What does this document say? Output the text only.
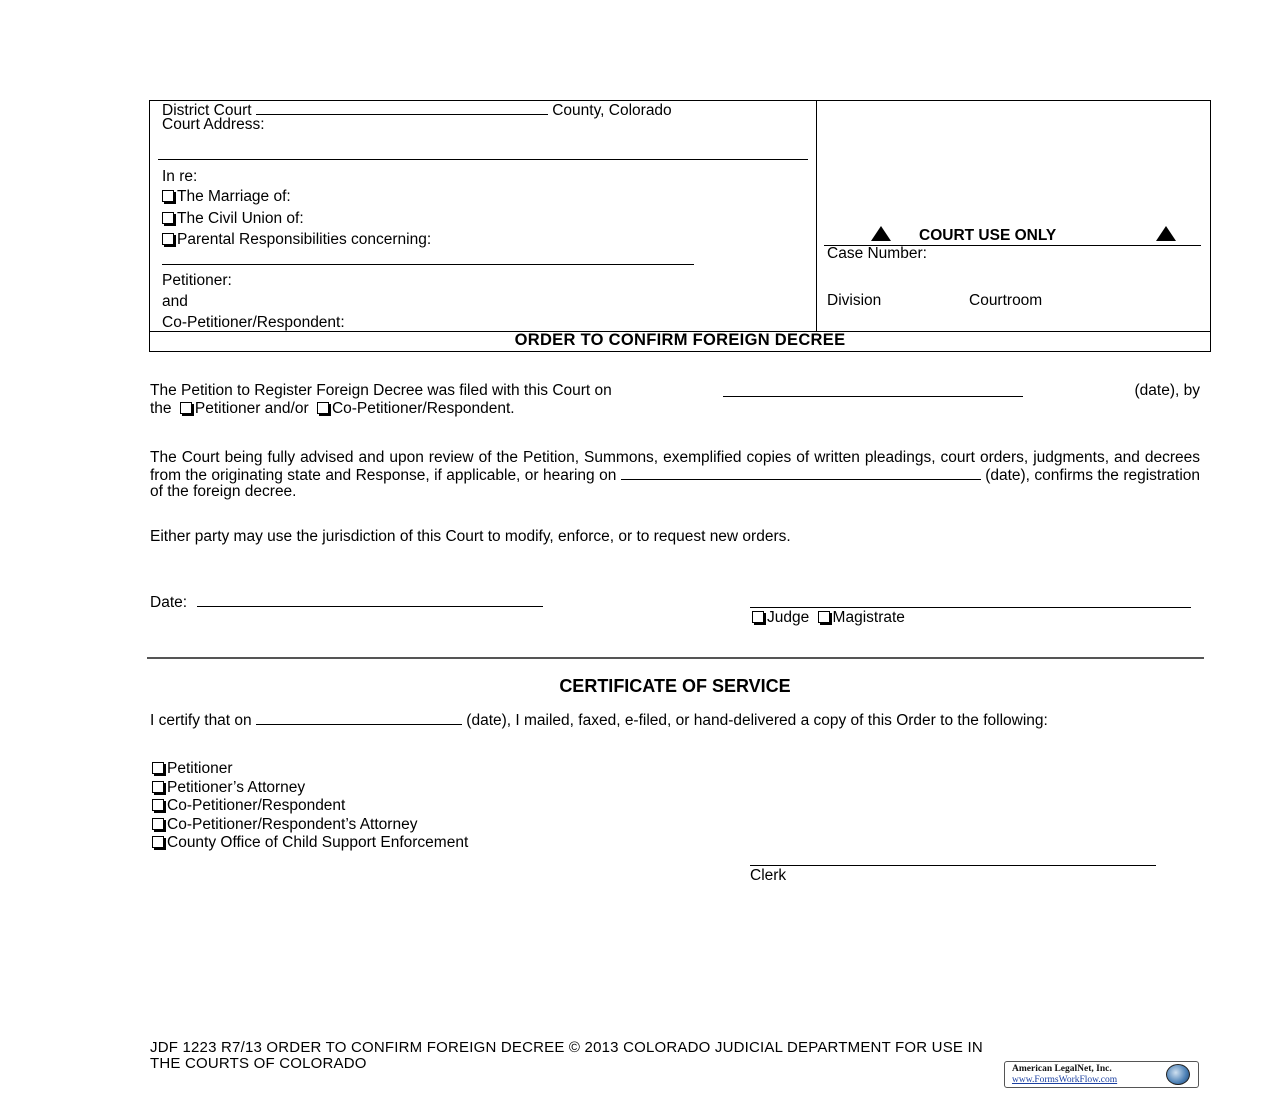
District Court	County, Colorado
Court Address:
In re:
The Marriage of:
The Civil Union of:
Parental Responsibilities concerning:
Petitioner:
and
Co-Petitioner/Respondent:
COURT USE ONLY
Case Number:
Division	Courtroom
ORDER TO CONFIRM FOREIGN DECREE
The Petition to Register Foreign Decree was filed with this Court on	(date), by
the Petitioner and/or Co-Petitioner/Respondent.
The Court being fully advised and upon review of the Petition, Summons, exemplified copies of written pleadings, court orders, judgments, and decrees from the originating state and Response, if applicable, or hearing on	(date), confirms the registration of the foreign decree.
Either party may use the jurisdiction of this Court to modify, enforce, or to request new orders.
Date:
Judge Magistrate
CERTIFICATE OF SERVICE
I certify that on	(date), I mailed, faxed, e-filed, or hand-delivered a copy of this Order to the following:
Petitioner
Petitioner’s Attorney
Co-Petitioner/Respondent
Co-Petitioner/Respondent’s Attorney
County Office of Child Support Enforcement
Clerk
JDF 1223 R7/13 ORDER TO CONFIRM FOREIGN DECREE © 2013 COLORADO JUDICIAL DEPARTMENT FOR USE IN
THE COURTS OF COLORADO	American LegalNet, Inc.
www.FormsWorkFlow.com
